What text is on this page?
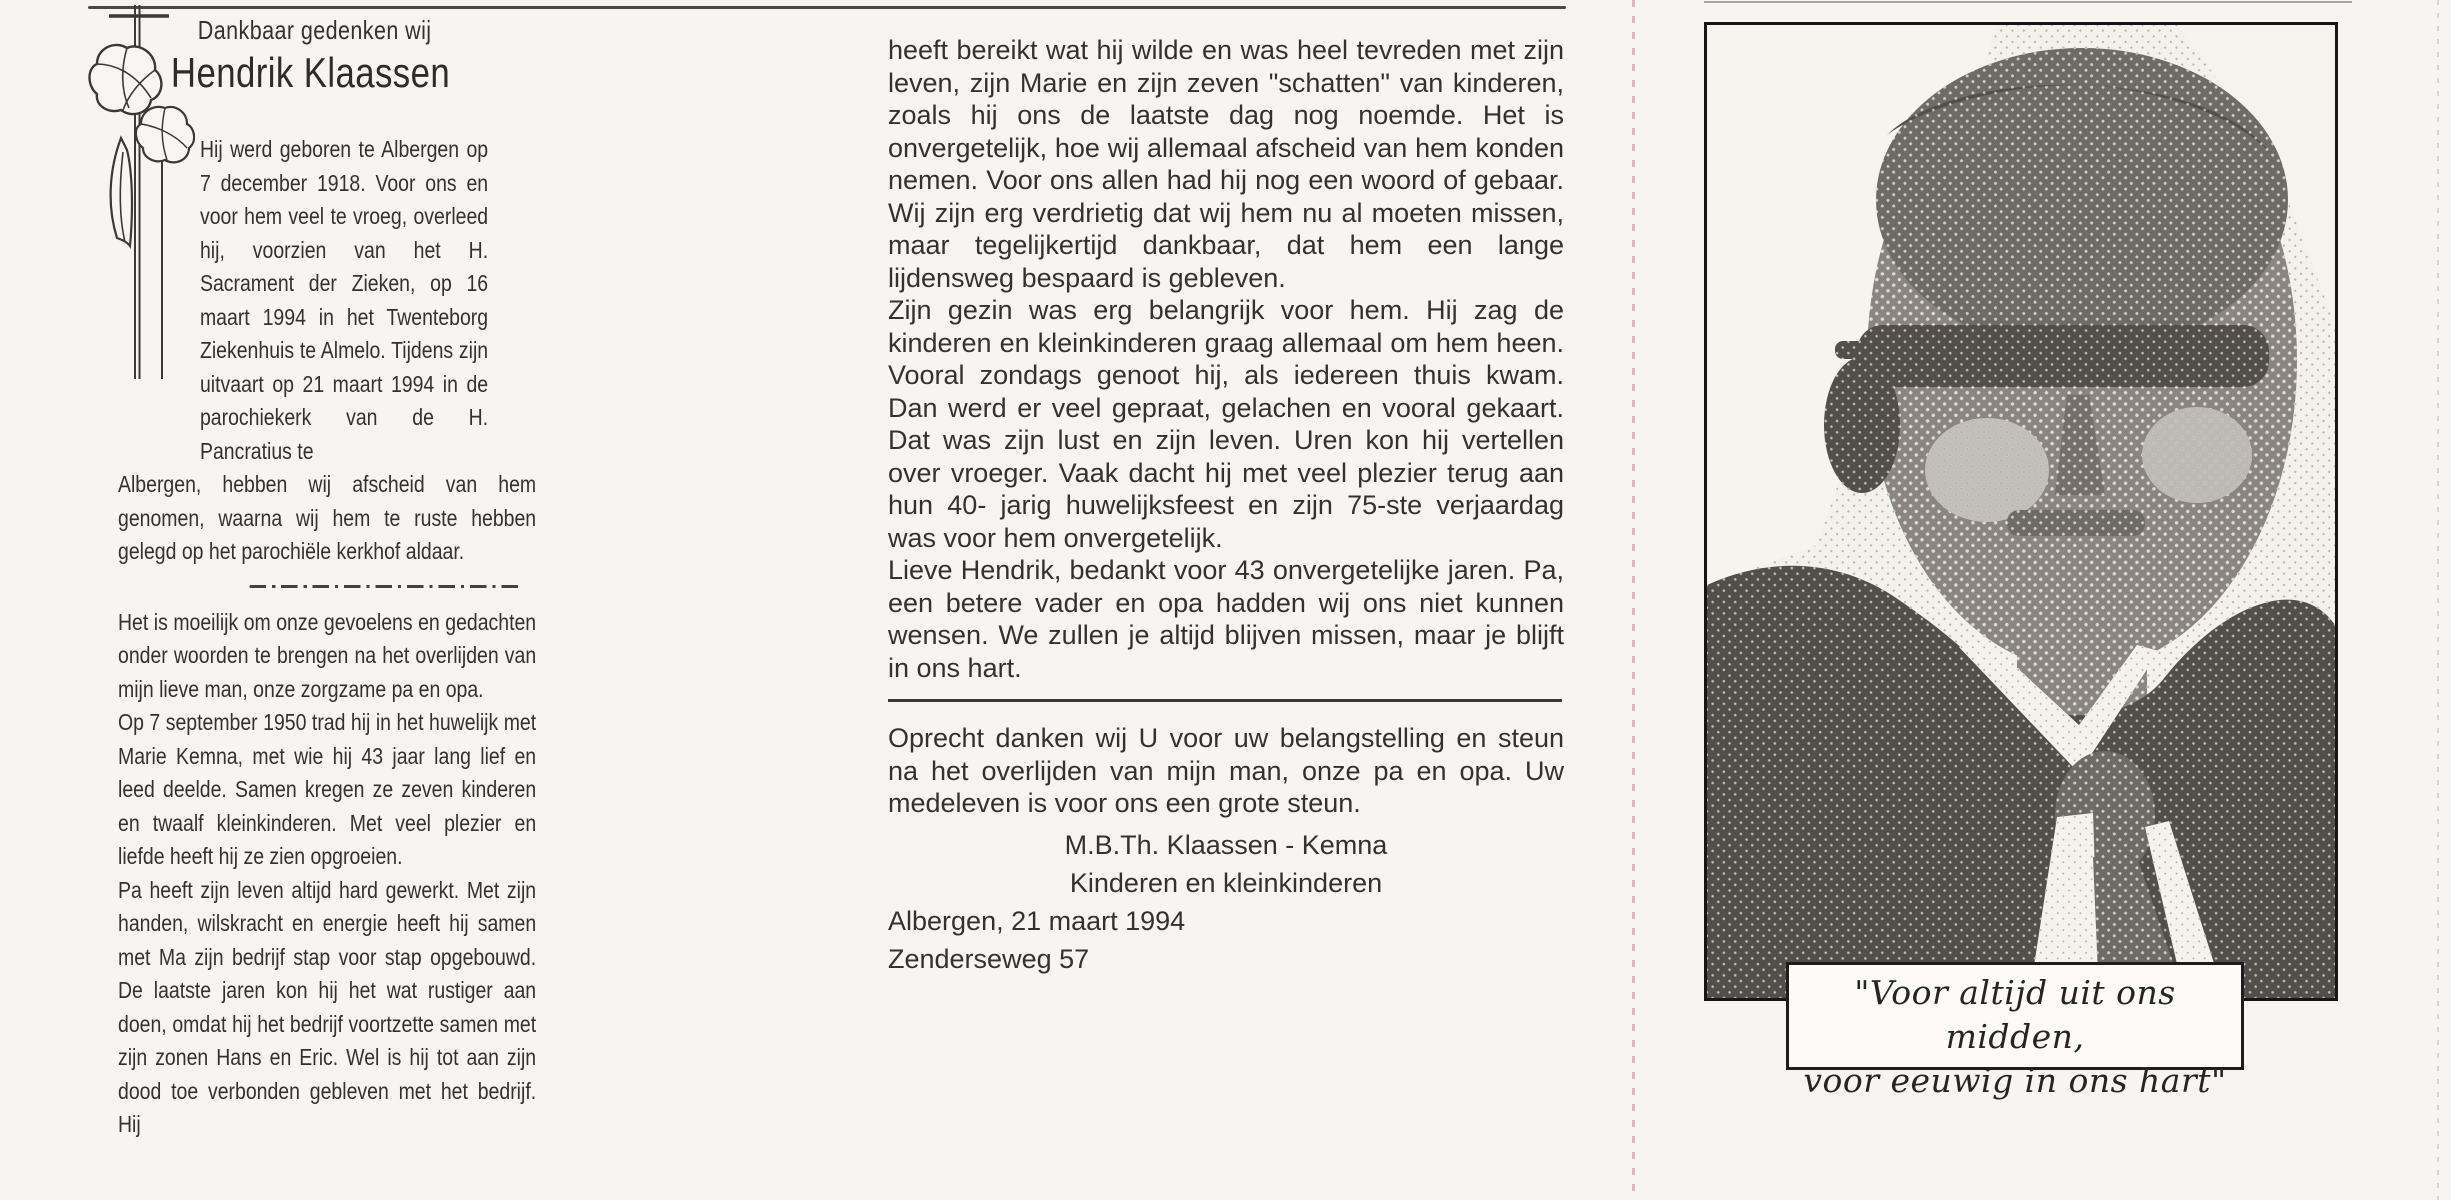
Dankbaar gedenken wij
Hendrik Klaassen

Hij werd geboren te Albergen op 7 december 1918. Voor ons en voor hem veel te vroeg, overleed hij, voorzien van het H. Sacrament der Zieken, op 16 maart 1994 in het Twenteborg Ziekenhuis te Almelo. Tijdens zijn uitvaart op 21 maart 1994 in de parochiekerk van de H. Pancratius te

Albergen, hebben wij afscheid van hem genomen, waarna wij hem te ruste hebben gelegd op het parochiële kerkhof aldaar.

Het is moeilijk om onze gevoelens en gedachten onder woorden te brengen na het overlijden van mijn lieve man, onze zorgzame pa en opa.

Op 7 september 1950 trad hij in het huwelijk met Marie Kemna, met wie hij 43 jaar lang lief en leed deelde. Samen kregen ze zeven kinderen en twaalf kleinkinderen. Met veel plezier en liefde heeft hij ze zien opgroeien.

Pa heeft zijn leven altijd hard gewerkt. Met zijn handen, wilskracht en energie heeft hij samen met Ma zijn bedrijf stap voor stap opgebouwd. De laatste jaren kon hij het wat rustiger aan doen, omdat hij het bedrijf voortzette samen met zijn zonen Hans en Eric. Wel is hij tot aan zijn dood toe verbonden gebleven met het bedrijf. Hij

heeft bereikt wat hij wilde en was heel tevreden met zijn leven, zijn Marie en zijn zeven "schatten" van kinderen, zoals hij ons de laatste dag nog noemde. Het is onvergetelijk, hoe wij allemaal afscheid van hem konden nemen. Voor ons allen had hij nog een woord of gebaar. Wij zijn erg verdrietig dat wij hem nu al moeten missen, maar tegelijkertijd dankbaar, dat hem een lange lijdensweg bespaard is gebleven.

Zijn gezin was erg belangrijk voor hem. Hij zag de kinderen en kleinkinderen graag allemaal om hem heen. Vooral zondags genoot hij, als iedereen thuis kwam. Dan werd er veel gepraat, gelachen en vooral gekaart. Dat was zijn lust en zijn leven. Uren kon hij vertellen over vroeger. Vaak dacht hij met veel plezier terug aan hun 40- jarig huwelijksfeest en zijn 75-ste verjaardag was voor hem onvergetelijk.

Lieve Hendrik, bedankt voor 43 onvergetelijke jaren. Pa, een betere vader en opa hadden wij ons niet kunnen wensen. We zullen je altijd blijven missen, maar je blijft in ons hart.

Oprecht danken wij U voor uw belangstelling en steun na het overlijden van mijn man, onze pa en opa. Uw medeleven is voor ons een grote steun.

M.B.Th. Klaassen - Kemna
Kinderen en kleinkinderen
Albergen, 21 maart 1994
Zenderseweg 57
"Voor altijd uit ons midden,
voor eeuwig in ons hart"
